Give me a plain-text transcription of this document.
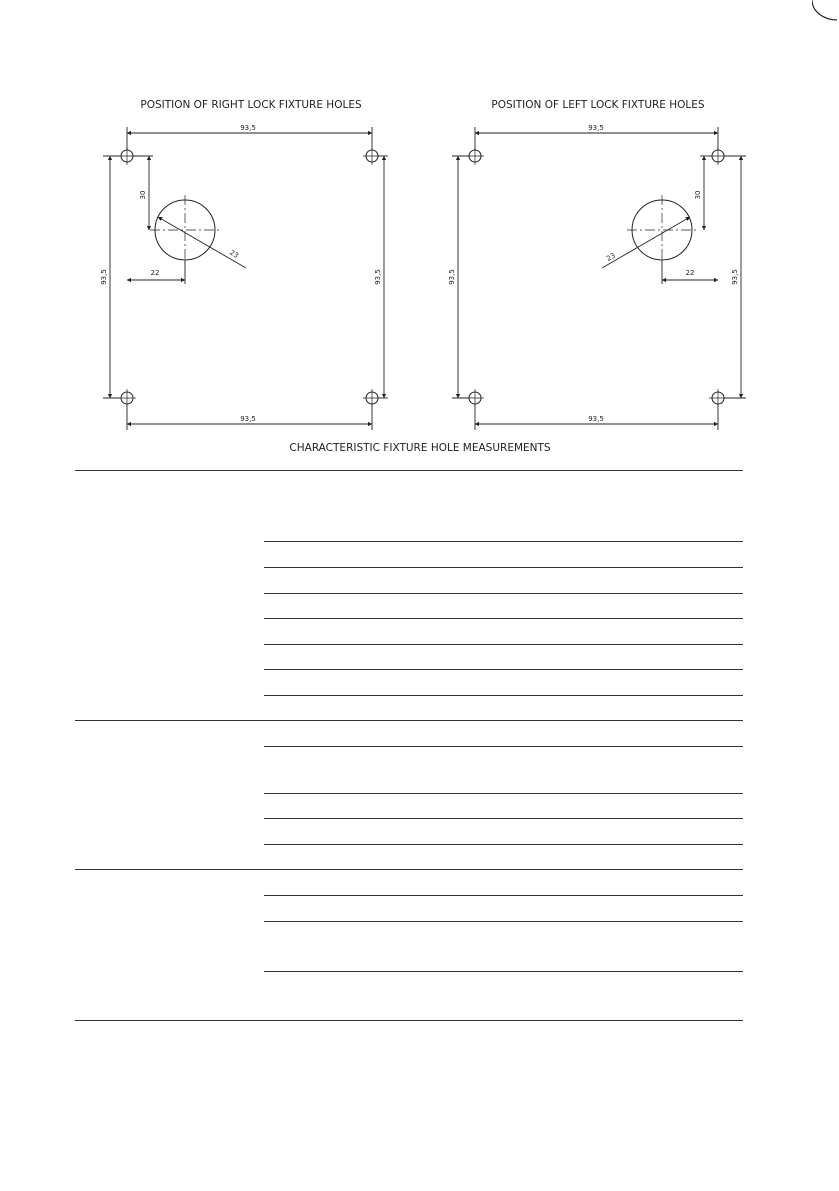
POSITION OF RIGHT LOCK FIXTURE HOLES
93,5
93,5	93,5
93,5
30
22
23
POSITION OF LEFT LOCK FIXTURE HOLES
93,5
93,5	93,5
93,5
30
22
23
CHARACTERISTIC FIXTURE HOLE MEASUREMENTS
